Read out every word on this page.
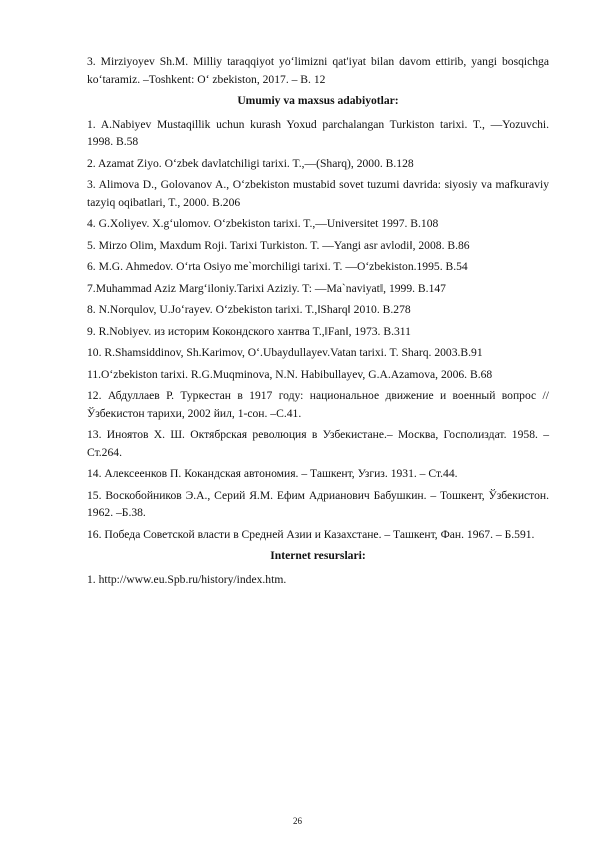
3. Mirziyoyev Sh.M. Milliy taraqqiyot yo‘limizni qat'iyat bilan davom ettirib, yangi bosqichga ko‘taramiz. –Toshkent: O‘ zbekiston, 2017. – B. 12

Umumiy va maxsus adabiyotlar:

1. A.Nabiyev Mustaqillik uchun kurash Yoxud parchalangan Turkiston tarixi. T., ―Yozuvchi. 1998. B.58

2. Azamat Ziyo. O‘zbek davlatchiligi tarixi. T.,―(Sharq), 2000. B.128

3. Alimova D., Golovanov A., O‘zbekiston mustabid sovet tuzumi davrida: siyosiy va mafkuraviy tazyiq oqibatlari, T., 2000. B.206

4. G.Xoliyev. X.g‘ulomov. O‘zbekiston tarixi. T.,―Universitet 1997. B.108

5. Mirzo Olim, Maxdum Roji. Tarixi Turkiston. T. ―Yangi asr avlodi‖, 2008. B.86

6. M.G. Ahmedov. O‘rta Osiyo me`morchiligi tarixi. T. ―O‘zbekiston.1995. B.54

7.Muhammad Aziz Marg‘iloniy.Tarixi Aziziy. T: ―Ma`naviyat‖, 1999. B.147

8. N.Norqulov, U.Jo‘rayev. O‘zbekiston tarixi. T.,‖Sharq‖ 2010. B.278

9. R.Nobiyev. из историм Кокондского хантва T.,‖Fan‖, 1973. B.311

10. R.Shamsiddinov, Sh.Karimov, O‘.Ubaydullayev.Vatan tarixi. T. Sharq. 2003.B.91

11.O‘zbekiston tarixi. R.G.Muqminova, N.N. Habibullayev, G.A.Azamova, 2006. B.68

12. Абдуллаев Р. Туркестан в 1917 году: национальное движение и военный вопрос // Ўзбекистон тарихи, 2002 йил, 1-сон. –С.41.

13. Иноятов Х. Ш. Октябрская революция в Узбекистане.– Москва, Госполиздат. 1958. – Ст.264.

14. Алексеенков П. Кокандская автономия. – Ташкент, Узгиз. 1931. – Ст.44.

15. Воскобойников Э.А., Серий Я.М. Ефим Адрианович Бабушкин. – Тошкент, Ўзбекистон. 1962. –Б.38.

16. Победа Советской власти в Средней Азии и Казахстане. – Ташкент, Фан. 1967. – Б.591.

Internet resurslari:

1. http://www.eu.Spb.ru/history/index.htm.

26
